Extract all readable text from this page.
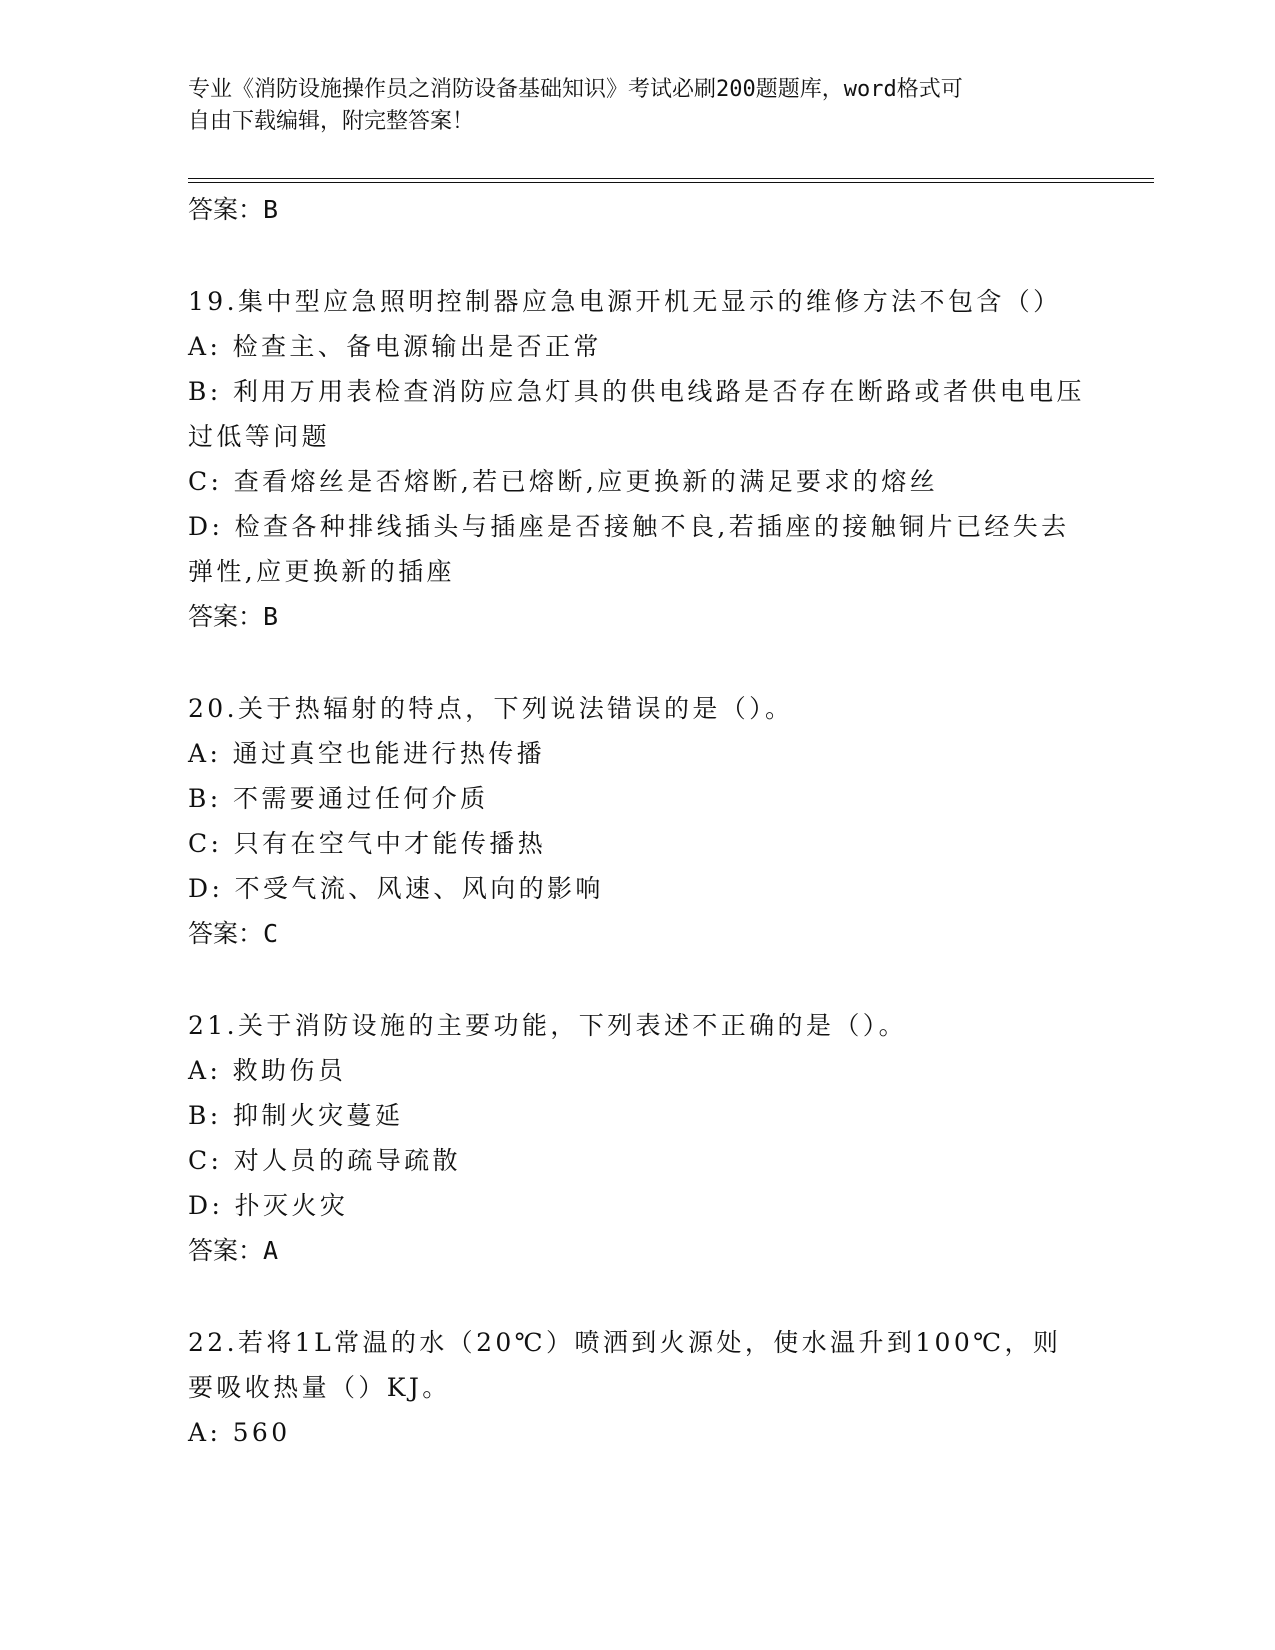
专业《消防设施操作员之消防设备基础知识》考试必刷200题题库，word格式可
自由下载编辑，附完整答案！
答案：B
19.集中型应急照明控制器应急电源开机无显示的维修方法不包含（）
A: 检查主、备电源输出是否正常
B: 利用万用表检查消防应急灯具的供电线路是否存在断路或者供电电压过低等问题
C: 查看熔丝是否熔断,若已熔断,应更换新的满足要求的熔丝
D: 检查各种排线插头与插座是否接触不良,若插座的接触铜片已经失去弹性,应更换新的插座
答案：B
20.关于热辐射的特点，下列说法错误的是（）。
A: 通过真空也能进行热传播
B: 不需要通过任何介质
C: 只有在空气中才能传播热
D: 不受气流、风速、风向的影响
答案：C
21.关于消防设施的主要功能，下列表述不正确的是（）。
A: 救助伤员
B: 抑制火灾蔓延
C: 对人员的疏导疏散
D: 扑灭火灾
答案：A
22.若将1L常温的水（20℃）喷洒到火源处，使水温升到100℃，则要吸收热量（）KJ。
A: 560
